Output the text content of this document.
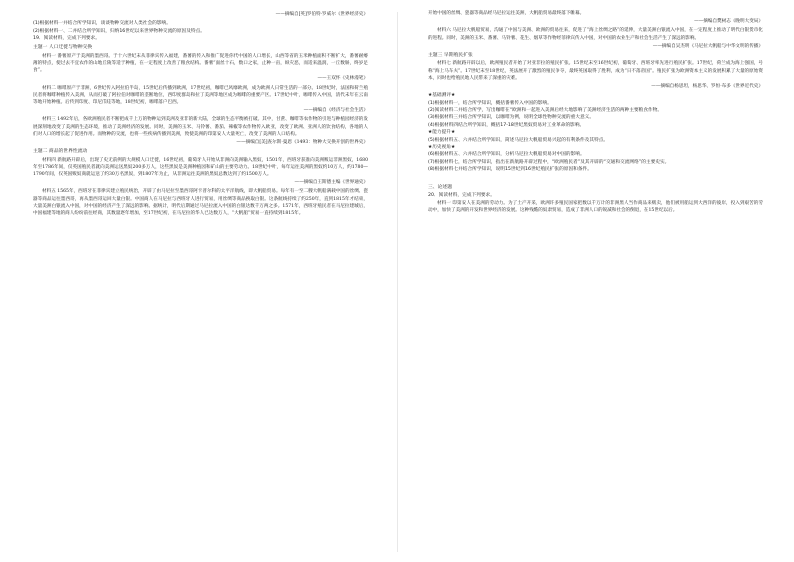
——摘编自[英]罗伯特·罗威尔《世界经济史》
(1)根据材料一并结合所学知识，谈谈物种交流对人类社会的影响。
(2)根据材料一、二并结合所学知识，归纳16世纪以来世界物种交流的原因及特点。
19．阅读材料，完成下列要求。
主题一 人口迁徙与物种交换

材料一 番薯原产于美洲的墨西哥。于十六世纪末从菲律宾传入福建，番薯的传入和推广促进你代中国的人口增长，山西等省的玉米种植面积不断扩大，番薯耐瘠薄的特点，使过去不宜农作的山地丘陵等适于种植，在一定程度上改善了粮食结构。番薯“面丝十石，数口之家，止种一亩，纵灾恶，而适来温润，一丘数斛，终岁足食”。

——王双怀《史林漫笔》

材料二 咖啡原产于非洲，6世纪传入阿拉伯半岛，15世纪后传播到欧洲，17世纪初，咖啡已风靡欧洲，成为欧洲人日常生活的一部分。18世纪时，法国和荷兰殖民者将咖啡种植传入美洲，从而打破了阿拉伯对咖啡的垄断地位，西印度群岛和拉丁美洲等地区成为咖啡的重要产区。17世纪中叶，咖啡传入中国，清代末年在云南等地开始种植。后传到印度、印尼爪哇等地，18世纪初，咖啡落户巴西。

——摘编自《经济与社会生活》

材料三 1492年后，各欧洲殖民者不断把成千上万的物种运到美洲及亚非的新大陆，全球的生态平衡被打破。其中，甘蔗、咖啡等农作物的引进与种植园经济的发展深刻地改变了美洲的生态环境，推动了美洲经济的发展。同时，美洲的玉米、马铃薯、番茄、辣椒等农作物传入欧亚，改变了欧洲、亚洲人的饮食结构，各地的人们对人口的增长起了促进作用。而物种的交流，也将一些疾病传播到美洲，致使美洲的印第安人大量死亡，改变了美洲的人口结构。

——摘编自[美]查尔斯·曼恩《1493：物种大交换开创的世界史》
主题二 商品的世界性流动

材料四 新航路开辟后，出现了史无前例的大规模人口迁徙，16世纪初，葡萄牙人开始从非洲向美洲输入黑奴，1501年，西班牙获准向美洲贩运非洲黑奴，1680年至1786年间，仅英国殖民者就向美洲运送黑奴200多万人，这些黑奴是美洲种植园和矿山的主要劳动力。18世纪中叶，每年运往美洲的黑奴约10万人，约1780—1790年间，仅英国贩奴商就运送了约30万名黑奴，到1807年为止，从非洲运往美洲的黑奴总数达到了约1500万人。

——摘编自王斯德主编《世界通史》

材料五 1565年，西班牙在菲律宾建立殖民统治，开辟了由马尼拉至墨西哥阿卡普尔科的太平洋航线，即大帆船贸易。每年有一至二艘大帆船满载中国的丝绸、瓷器等商品运往墨西哥，再从墨西哥运回大量白银。中国商人在马尼拉与西班牙人进行贸易，用丝绸等商品换取白银。这条航线持续了约250年，直到1815年才结束，大量美洲白银流入中国，对中国的经济产生了深远的影响。据统计，明代后期通过马尼拉流入中国的白银达数千万两之多。1571年，西班牙殖民者在马尼拉建城后，中国福建等地的商人纷纷前往经商，其数量逐年增加，至17世纪初，在马尼拉的华人已达数万人，“大帆船”贸易一直持续到1815年。

开始中国的丝绸、瓷器等商品经马尼拉运往美洲，大帆船贸易最终落下帷幕。

——摘编自樊树志《晚明大变局》

材料六 马尼拉大帆船贸易，沟通了中国与美洲、欧洲的贸易往来，促进了“海上丝绸之路”的延伸，大量美洲白银流入中国，在一定程度上推动了明代白银货币化的进程。同时，美洲的玉米、番薯、马铃薯、花生、烟草等作物经菲律宾传入中国，对中国的农业生产和社会生活产生了深远的影响。

——摘编自吴杰明《马尼拉大帆船与中华文明的传播》
主题三 早期殖民扩张

材料七 新航路开辟以后，欧洲殖民者开始了对亚非拉的殖民扩张。15世纪末至16世纪初，葡萄牙、西班牙率先进行殖民扩张。17世纪，荷兰成为海上强国，号称“海上马车夫”。17世纪末至18世纪，英法展开了激烈的殖民争夺，最终英国取得了胜利，成为“日不落帝国”。殖民扩张为欧洲资本主义的发展积累了大量的原始资本，同时也给殖民地人民带来了深重的灾难。

——摘编自杨思坦，杨思华、罗恒·布多《世界近代史》
★基础测评★
(1)根据材料一，结合所学知识，概括番薯传入中国的影响。
(2)阅读材料二并结合所学，写出咖啡在“欧洲和一起进入美洲后经大地影响了美洲经济生活的两种主要粮食作物。
(3)根据材料三并结合所学知识，以咖啡为例，说明全球性物种交流的重大意义。
(4)根据材料四结合所学知识，概括17-18世纪黑奴贸易对工业革命的影响。
★能力提升★
(5)根据材料五、六并结合所学知识，简述马尼拉大帆船贸易兴起的有利条件及其特点。
★历史视角★
(6)根据材料五、六并结合所学知识，分析马尼拉大帆船贸易对中国的影响。
(7)根据材料七，结合所学知识，指出在新航路开辟过程中，“欧洲殖民者”及其开辟的“交通和交流网络”的主要史实。
(8)根据材料七并结合所学知识，说明15世纪到16世纪殖民扩张的原因和条件。
三、论述题
20．阅读材料，完成下列要求。

材料一 印第安人在美洲的劳动力。为了土产开采，欧洲许多殖民国家把数以千万计的非洲黑人当作商品来贩卖，他们被用船运到大西洋的彼岸，投入到艰苦的劳动中，加快了美洲的开发和世界经济的发展。这种残酷的奴隶贸易，造成了非洲人口的锐减和社会的倒退，在15世纪以后。
